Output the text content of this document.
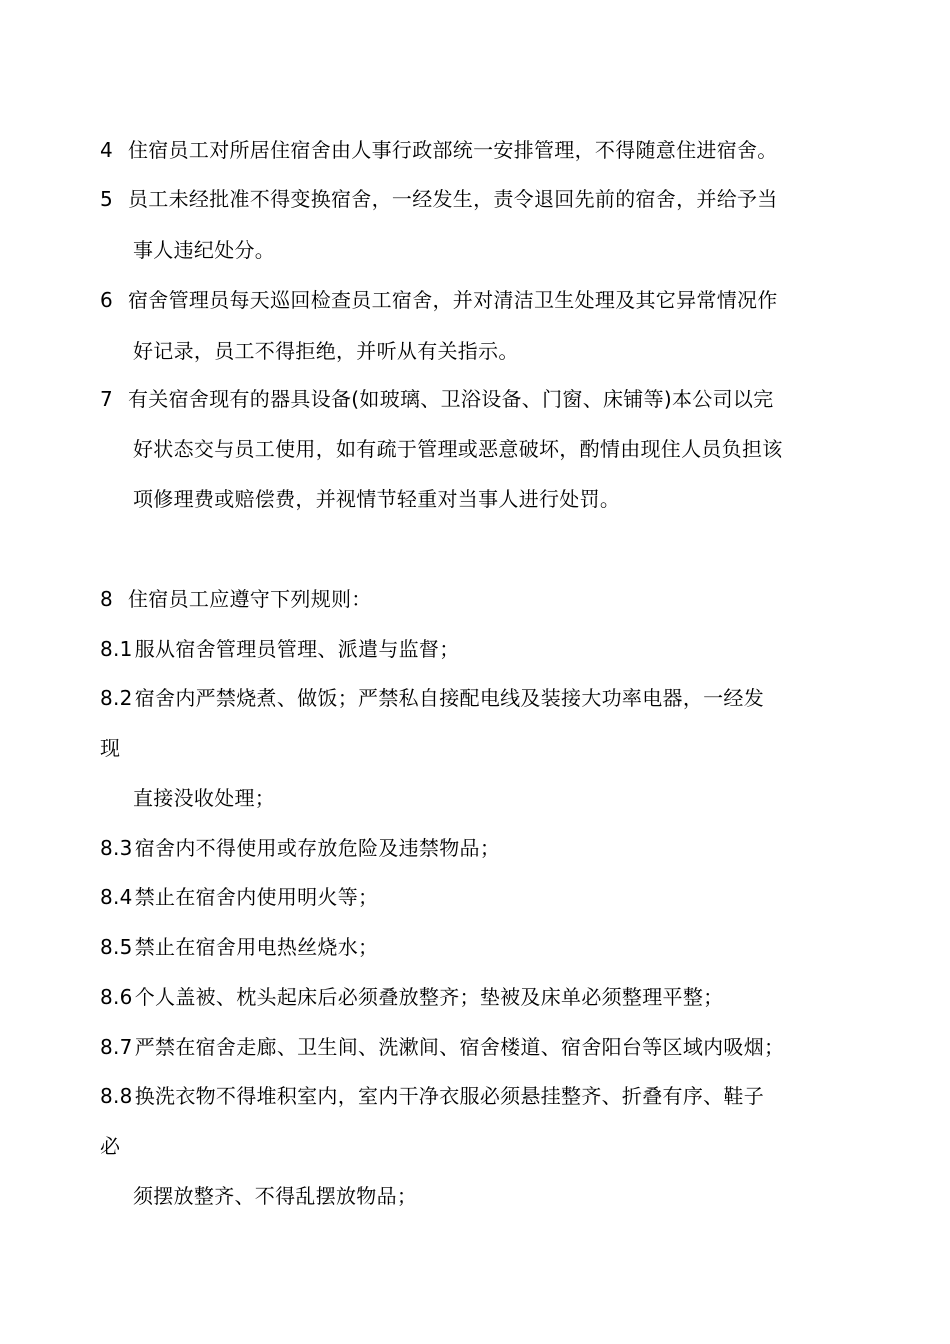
4 住宿员工对所居住宿舍由人事行政部统一安排管理，不得随意住进宿舍。
5 员工未经批准不得变换宿舍，一经发生，责令退回先前的宿舍，并给予当
事人违纪处分。
6 宿舍管理员每天巡回检查员工宿舍，并对清洁卫生处理及其它异常情况作
好记录，员工不得拒绝，并听从有关指示。
7 有关宿舍现有的器具设备(如玻璃、卫浴设备、门窗、床铺等)本公司以完
好状态交与员工使用，如有疏于管理或恶意破坏，酌情由现住人员负担该
项修理费或赔偿费，并视情节轻重对当事人进行处罚。
8 住宿员工应遵守下列规则：
8.1 服从宿舍管理员管理、派遣与监督；
8.2 宿舍内严禁烧煮、做饭；严禁私自接配电线及装接大功率电器，一经发
现
直接没收处理；
8.3 宿舍内不得使用或存放危险及违禁物品；
8.4 禁止在宿舍内使用明火等；
8.5 禁止在宿舍用电热丝烧水；
8.6 个人盖被、枕头起床后必须叠放整齐；垫被及床单必须整理平整；
8.7 严禁在宿舍走廊、卫生间、洗漱间、宿舍楼道、宿舍阳台等区域内吸烟；
8.8 换洗衣物不得堆积室内，室内干净衣服必须悬挂整齐、折叠有序、鞋子
必
须摆放整齐、不得乱摆放物品；
